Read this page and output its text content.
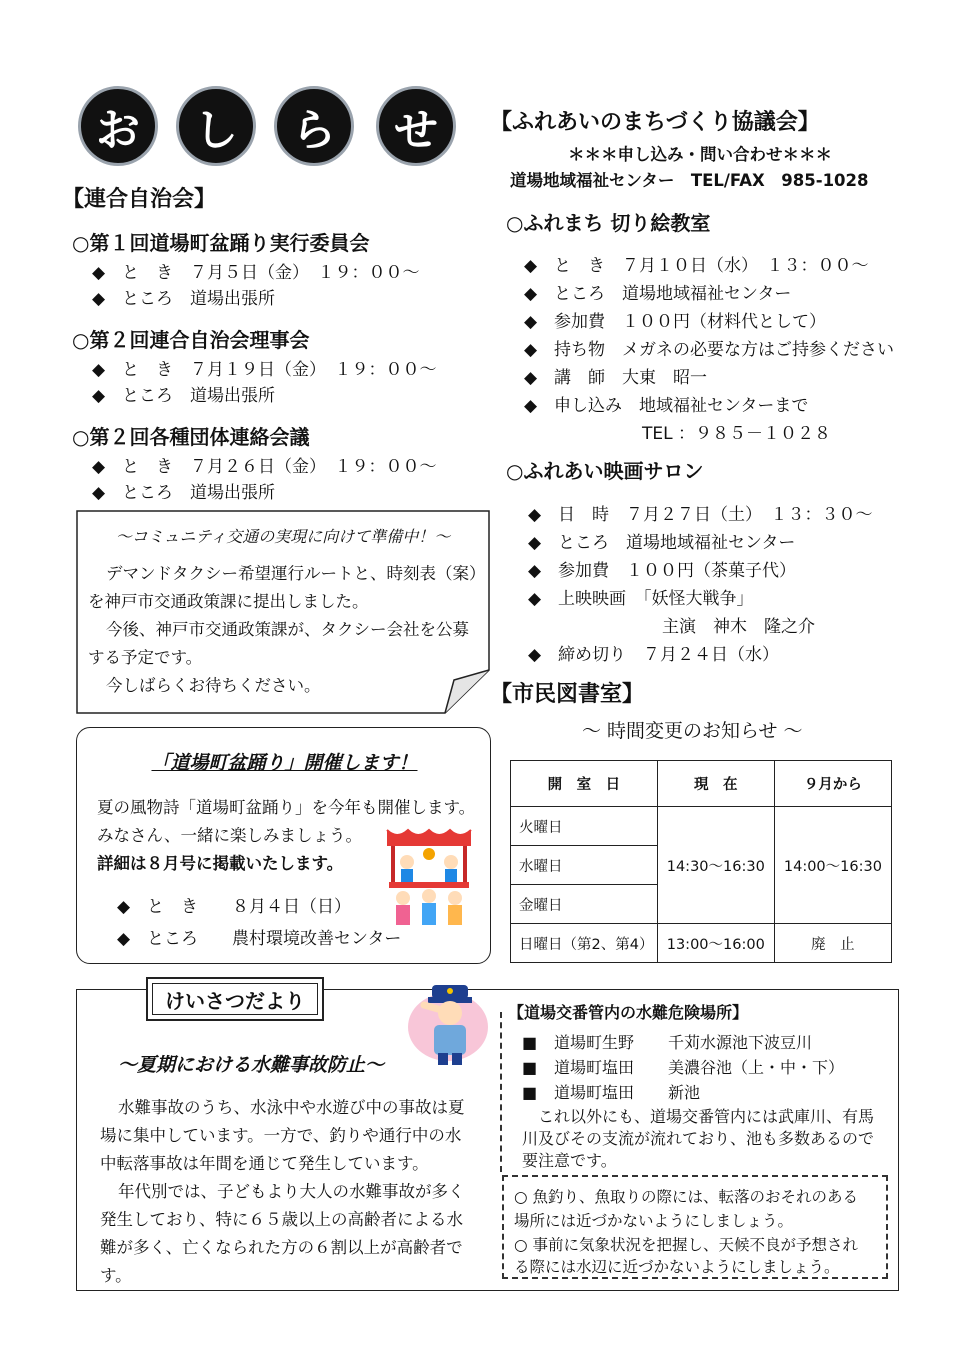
お	し	ら	せ
【連合自治会】
○第１回道場町盆踊り実行委員会
◆ と　き　７月５日（金）　１９：００～
◆ ところ　道場出張所
○第２回連合自治会理事会
◆ と　き　７月１９日（金）　１９：００～
◆ ところ　道場出張所
○第２回各種団体連絡会議
◆ と　き　７月２６日（金）　１９：００～
◆ ところ　道場出張所
～コミュニティ交通の実現に向けて準備中！～
デマンドタクシー希望運行ルートと、時刻表（案）
を神戸市交通政策課に提出しました。
今後、神戸市交通政策課が、タクシー会社を公募
する予定です。
今しばらくお待ちください。
「道場町盆踊り」開催します！
夏の風物詩「道場町盆踊り」を今年も開催します。
みなさん、一緒に楽しみましょう。
詳細は８月号に掲載いたします。
◆ と　き　　８月４日（日）
◆ ところ　　農村環境改善センター
けいさつだより
～夏期における水難事故防止～
水難事故のうち、水泳中や水遊び中の事故は夏
場に集中しています。一方で、釣りや通行中の水
中転落事故は年間を通じて発生しています。
年代別では、子どもより大人の水難事故が多く
発生しており、特に６５歳以上の高齢者による水
難が多く、亡くなられた方の６割以上が高齢者で
す。
【道場交番管内の水難危険場所】
■ 道場町生野 千苅水源池下波豆川
■ 道場町塩田 美濃谷池（上・中・下）
■ 道場町塩田 新池
これ以外にも、道場交番管内には武庫川、有馬
川及びその支流が流れており、池も多数あるので
要注意です。
○ 魚釣り、魚取りの際には、転落のおそれのある
場所には近づかないようにしましょう。
○ 事前に気象状況を把握し、天候不良が予想され
る際には水辺に近づかないようにしましょう。
【ふれあいのまちづくり協議会】
＊＊＊申し込み・問い合わせ＊＊＊
道場地域福祉センター　TEL/FAX　985-1028
○ふれまち 切り絵教室
◆ と　き　７月１０日（水）　１３：００～
◆ ところ　道場地域福祉センター
◆ 参加費　１００円（材料代として）
◆ 持ち物　メガネの必要な方はご持参ください
◆ 講　師　大東　昭一
◆ 申し込み　地域福祉センターまで
TEL ：９８５－１０２８
○ふれあい映画サロン
◆ 日　時　７月２７日（土）　１３：３０～
◆ ところ　道場地域福祉センター
◆ 参加費　１００円（茶菓子代）
◆ 上映映画　「妖怪大戦争」
主演　神木　隆之介
◆ 締め切り　７月２４日（水）
【市民図書室】
～ 時間変更のお知らせ ～
開　室　日	現　在	９月から
火曜日	14:30～16:30	14:00～16:30
水曜日		
金曜日		
日曜日（第2、第4）	13:00～16:00	廃　止
